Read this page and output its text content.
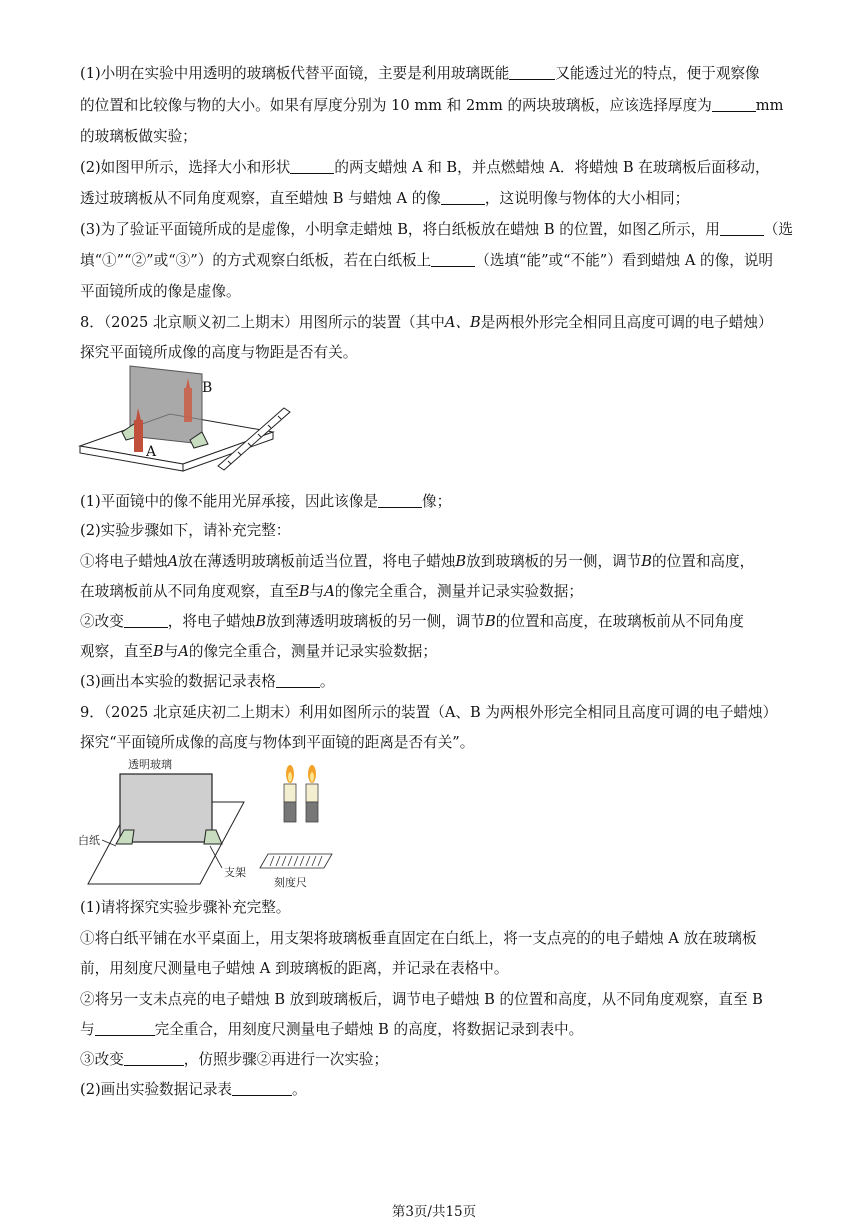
(1)小明在实验中用透明的玻璃板代替平面镜，主要是利用玻璃既能	又能透过光的特点，便于观察像
的位置和比较像与物的大小。如果有厚度分别为 10 mm 和 2mm 的两块玻璃板，应该选择厚度为	mm
的玻璃板做实验；
(2)如图甲所示，选择大小和形状	的两支蜡烛 A 和 B，并点燃蜡烛 A．将蜡烛 B 在玻璃板后面移动，
透过玻璃板从不同角度观察，直至蜡烛 B 与蜡烛 A 的像	，这说明像与物体的大小相同；
(3)为了验证平面镜所成的是虚像，小明拿走蜡烛 B，将白纸板放在蜡烛 B 的位置，如图乙所示，用	（选
填“①”“②”或“③”）的方式观察白纸板，若在白纸板上	（选填“能”或“不能”）看到蜡烛 A 的像，说明
平面镜所成的像是虚像。
8．（2025 北京顺义初二上期末）用图所示的装置（其中A、B是两根外形完全相同且高度可调的电子蜡烛）
探究平面镜所成像的高度与物距是否有关。
B
A
(1)平面镜中的像不能用光屏承接，因此该像是	像；
(2)实验步骤如下，请补充完整：
①将电子蜡烛A放在薄透明玻璃板前适当位置，将电子蜡烛B放到玻璃板的另一侧，调节B的位置和高度，
在玻璃板前从不同角度观察，直至B与A的像完全重合，测量并记录实验数据；
②改变	，将电子蜡烛B放到薄透明玻璃板的另一侧，调节B的位置和高度，在玻璃板前从不同角度
观察，直至B与A的像完全重合，测量并记录实验数据；
(3)画出本实验的数据记录表格	。
9．（2025 北京延庆初二上期末）利用如图所示的装置（A、B 为两根外形完全相同且高度可调的电子蜡烛）
探究“平面镜所成像的高度与物体到平面镜的距离是否有关”。
透明玻璃
白纸
支架
刻度尺
(1)请将探究实验步骤补充完整。
①将白纸平铺在水平桌面上，用支架将玻璃板垂直固定在白纸上，将一支点亮的的电子蜡烛 A 放在玻璃板
前，用刻度尺测量电子蜡烛 A 到玻璃板的距离，并记录在表格中。
②将另一支未点亮的电子蜡烛 B 放到玻璃板后，调节电子蜡烛 B 的位置和高度，从不同角度观察，直至 B
与	完全重合，用刻度尺测量电子蜡烛 B 的高度，将数据记录到表中。
③改变	，仿照步骤②再进行一次实验；
(2)画出实验数据记录表	。
第3页/共15页
